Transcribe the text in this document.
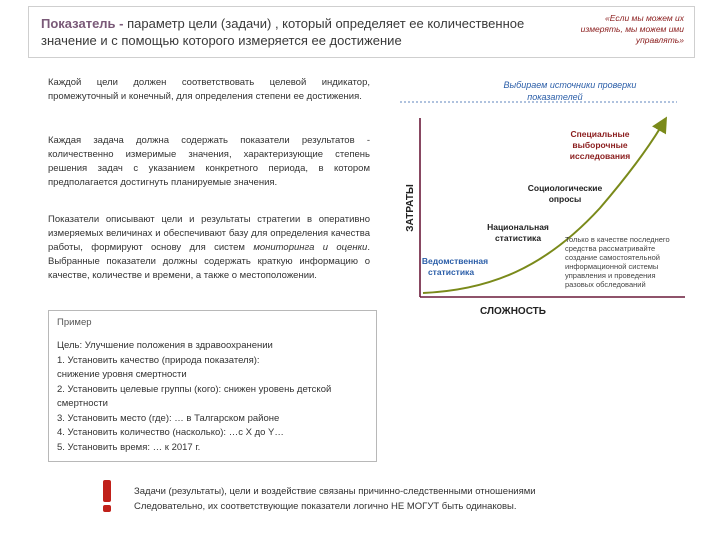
Показатель - параметр цели (задачи) , который определяет ее количественное значение и с помощью которого измеряется ее достижение
«Если мы можем их измерять, мы можем ими управлять»
Каждой цели должен соответствовать целевой индикатор, промежуточный и конечный, для определения степени ее достижения.
Каждая задача должна содержать показатели результатов - количественно измеримые значения, характеризующие степень решения задач с указанием конкретного периода, в котором предполагается достигнуть планируемые значения.
Показатели описывают цели и результаты стратегии в оперативно измеряемых величинах и обеспечивают базу для определения качества работы, формируют основу для систем мониторинга и оценки. Выбранные показатели должны содержать краткую информацию о качестве, количестве и времени, а также о местоположении.
Пример
Цель: Улучшение положения в здравоохранении
1. Установить качество (природа показателя):
снижение уровня смертности
2. Установить целевые группы (кого): снижен уровень детской
смертности
3. Установить место (где): … в Талгарском районе
4. Установить количество (насколько): …с X до Y…
5. Установить время: … к 2017 г.
Выбираем источники проверки
показателей
ЗАТРАТЫ
СЛОЖНОСТЬ
Ведомственная
статистика
Национальная
статистика
Социологические
опросы
Специальные
выборочные
исследования
Только в качестве последнего
средства рассматривайте
создание самостоятельной
информационной системы
управления и проведения
разовых обследований
Задачи (результаты), цели и воздействие связаны причинно-следственными отношениями
Следовательно, их соответствующие показатели логично НЕ МОГУТ быть одинаковы.
